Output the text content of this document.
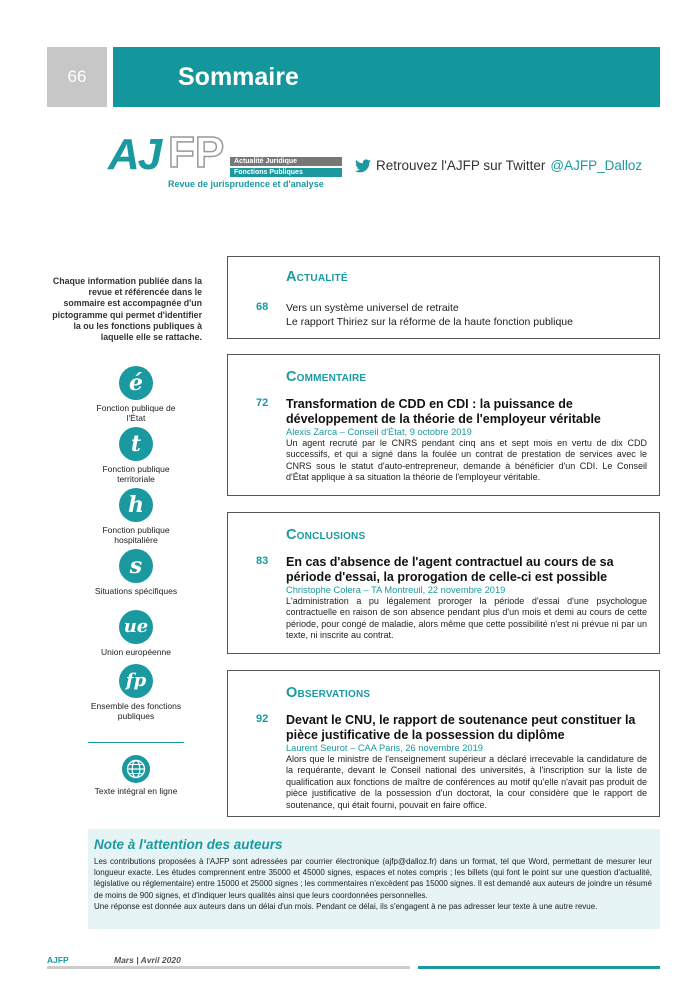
66	Sommaire
AJ FP	Actualité Juridique
Fonctions Publiques
Revue de jurisprudence et d'analyse
Retrouvez l'AJFP sur Twitter @AJFP_Dalloz
Chaque information publiée dans la revue et référencée dans le sommaire est accompagnée d'un pictogramme qui permet d'identifier la ou les fonctions publiques à laquelle elle se rattache.
é
Fonction publique de l'État
t
Fonction publique territoriale
h
Fonction publique hospitalière
s
Situations spécifiques
ue
Union européenne
fp
Ensemble des fonctions publiques
Texte intégral en ligne
Actualité
68	Vers un système universel de retraite
Le rapport Thiriez sur la réforme de la haute fonction publique
Commentaire
72	Transformation de CDD en CDI : la puissance de développement de la théorie de l'employeur véritable
Alexis Zarca – Conseil d'État, 9 octobre 2019
Un agent recruté par le CNRS pendant cinq ans et sept mois en vertu de dix CDD successifs, et qui a signé dans la foulée un contrat de prestation de services avec le CNRS sous le statut d'auto-entrepreneur, demande à bénéficier d'un CDI. Le Conseil d'État applique à sa situation la théorie de l'employeur véritable.
Conclusions
83	En cas d'absence de l'agent contractuel au cours de sa période d'essai, la prorogation de celle-ci est possible
Christophe Colera – TA Montreuil, 22 novembre 2019
L'administration a pu légalement proroger la période d'essai d'une psychologue contractuelle en raison de son absence pendant plus d'un mois et demi au cours de cette période, pour congé de maladie, alors même que cette possibilité n'est ni prévue ni par un texte, ni inscrite au contrat.
Observations
92	Devant le CNU, le rapport de soutenance peut constituer la pièce justificative de la possession du diplôme
Laurent Seurot – CAA Paris, 26 novembre 2019
Alors que le ministre de l'enseignement supérieur a déclaré irrecevable la candidature de la requérante, devant le Conseil national des universités, à l'inscription sur la liste de qualification aux fonctions de maître de conférences au motif qu'elle n'avait pas produit de pièce justificative de la possession d'un doctorat, la cour considère que le rapport de soutenance, qui était fourni, pouvait en faire office.
Note à l'attention des auteurs

Les contributions proposées à l'AJFP sont adressées par courrier électronique (ajfp@dalloz.fr) dans un format, tel que Word, permettant de mesurer leur longueur exacte. Les études comprennent entre 35000 et 45000 signes, espaces et notes compris ; les billets (qui font le point sur une question d'actualité, législative ou réglementaire) entre 15000 et 25000 signes ; les commentaires n'excèdent pas 15000 signes. Il est demandé aux auteurs de joindre un résumé de moins de 900 signes, et d'indiquer leurs qualités ainsi que leurs coordonnées personnelles.

Une réponse est donnée aux auteurs dans un délai d'un mois. Pendant ce délai, ils s'engagent à ne pas adresser leur texte à une autre revue.

AJFP	Mars | Avril 2020
